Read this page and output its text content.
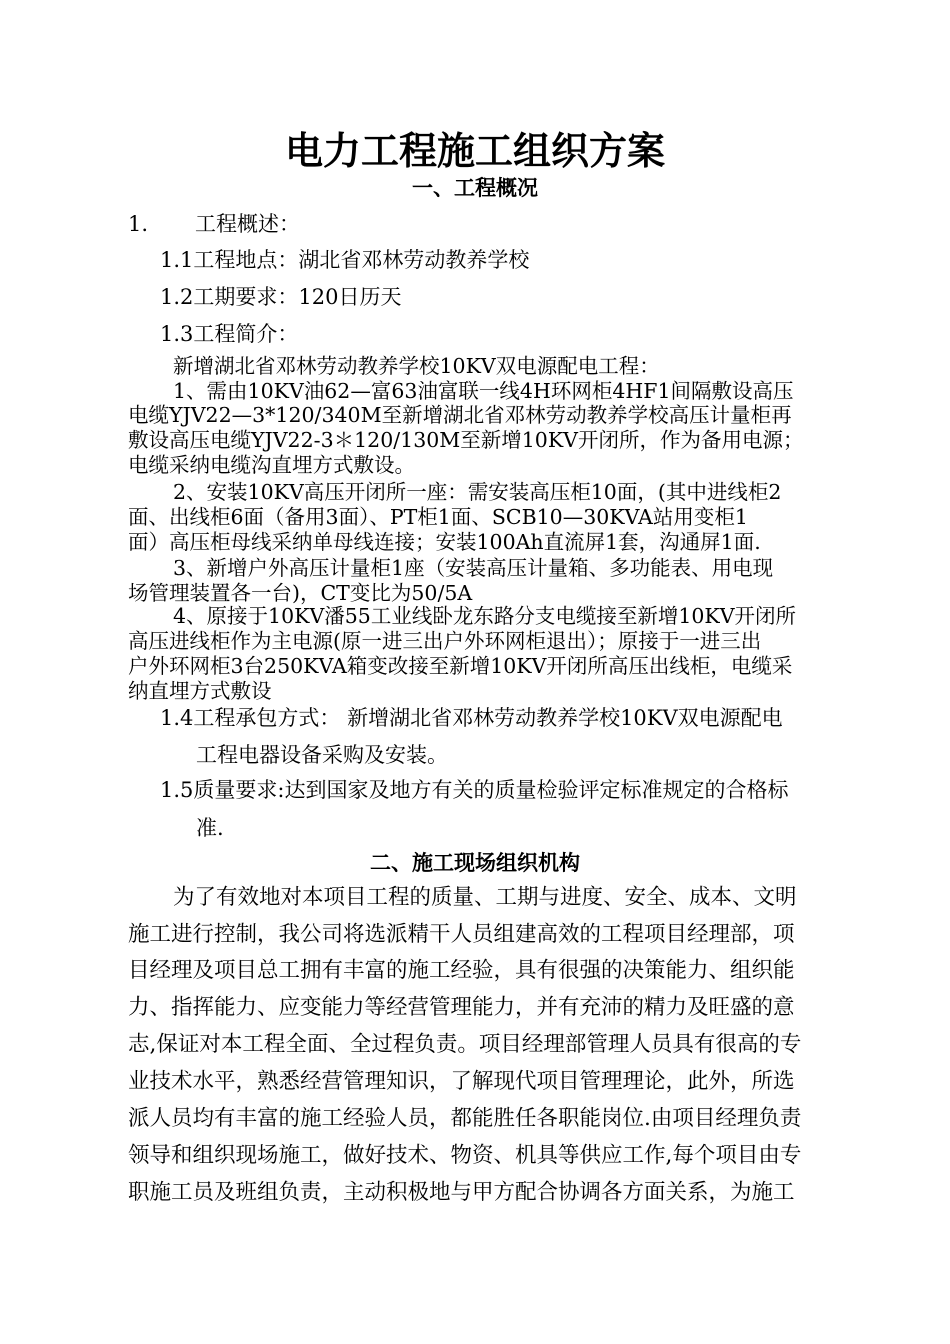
电力工程施工组织方案
一、工程概况
1. 工程概述：
1.1工程地点：湖北省邓林劳动教养学校
1.2工期要求：120日历天
1.3工程简介：
新增湖北省邓林劳动教养学校10KV双电源配电工程：
1、需由10KV油62—富63油富联一线4H环网柜4HF1间隔敷设高压
电缆YJV22—3*120/340M至新增湖北省邓林劳动教养学校高压计量柜再
敷设高压电缆YJV22-3＊120/130M至新增10KV开闭所，作为备用电源；
电缆采纳电缆沟直埋方式敷设。
2、安装10KV高压开闭所一座：需安装高压柜10面，(其中进线柜2
面、出线柜6面（备用3面）、PT柜1面、SCB10—30KVA站用变柜1
面）高压柜母线采纳单母线连接；安装100Ah直流屏1套，沟通屏1面.
3、新增户外高压计量柜1座（安装高压计量箱、多功能表、用电现
场管理装置各一台)，CT变比为50/5A
4、原接于10KV潘55工业线卧龙东路分支电缆接至新增10KV开闭所
高压进线柜作为主电源(原一进三出户外环网柜退出）；原接于一进三出
户外环网柜3台250KVA箱变改接至新增10KV开闭所高压出线柜，电缆采
纳直埋方式敷设
1.4工程承包方式： 新增湖北省邓林劳动教养学校10KV双电源配电
工程电器设备采购及安装。
1.5质量要求:达到国家及地方有关的质量检验评定标准规定的合格标
准.
二、施工现场组织机构
为了有效地对本项目工程的质量、工期与进度、安全、成本、文明
施工进行控制，我公司将选派精干人员组建高效的工程项目经理部，项
目经理及项目总工拥有丰富的施工经验，具有很强的决策能力、组织能
力、指挥能力、应变能力等经营管理能力，并有充沛的精力及旺盛的意
志,保证对本工程全面、全过程负责。项目经理部管理人员具有很高的专
业技术水平，熟悉经营管理知识，了解现代项目管理理论，此外，所选
派人员均有丰富的施工经验人员，都能胜任各职能岗位.由项目经理负责
领导和组织现场施工，做好技术、物资、机具等供应工作,每个项目由专
职施工员及班组负责，主动积极地与甲方配合协调各方面关系，为施工
